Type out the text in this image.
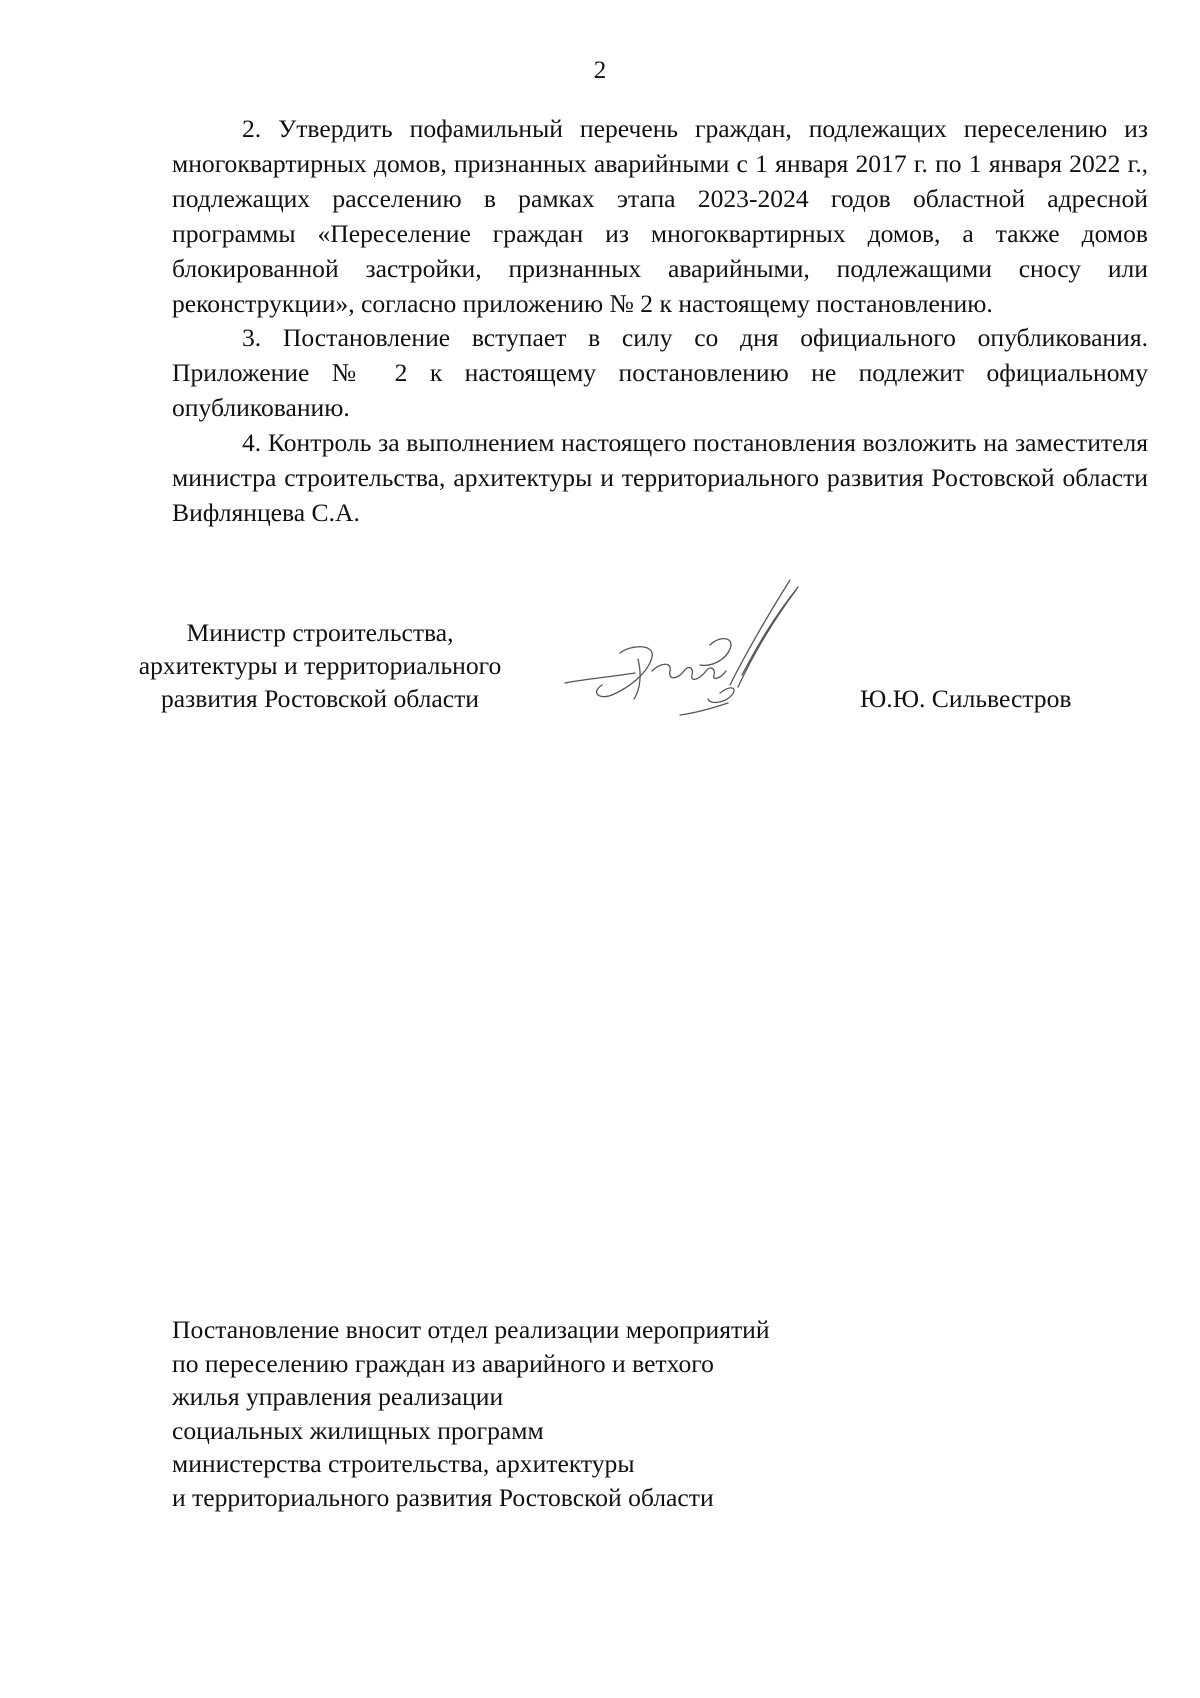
2

2. Утвердить пофамильный перечень граждан, подлежащих переселению из многоквартирных домов, признанных аварийными с 1 января 2017 г. по 1 января 2022 г., подлежащих расселению в рамках этапа 2023-2024 годов областной адресной программы «Переселение граждан из многоквартирных домов, а также домов блокированной застройки, признанных аварийными, подлежащими сносу или реконструкции», согласно приложению № 2 к настоящему постановлению.

3. Постановление вступает в силу со дня официального опубликования. Приложение № 2 к настоящему постановлению не подлежит официальному опубликованию.

4. Контроль за выполнением настоящего постановления возложить на заместителя министра строительства, архитектуры и территориального развития Ростовской области Вифлянцева С.А.

Министр строительства,
архитектуры и территориального
развития Ростовской области	Ю.Ю. Сильвестров
Постановление вносит отдел реализации мероприятий
по переселению граждан из аварийного и ветхого
жилья управления реализации
социальных жилищных программ
министерства строительства, архитектуры
и территориального развития Ростовской области
